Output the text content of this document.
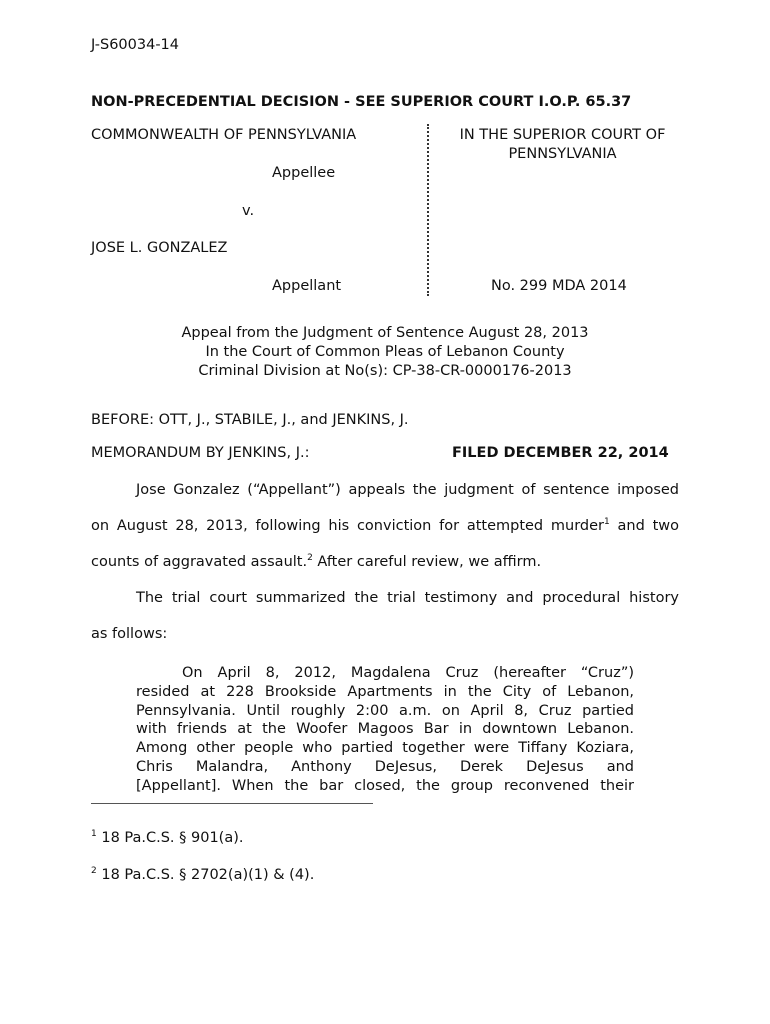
J-S60034-14
NON-PRECEDENTIAL DECISION - SEE SUPERIOR COURT I.O.P. 65.37
COMMONWEALTH OF PENNSYLVANIA
Appellee
v.
JOSE L. GONZALEZ
Appellant
IN THE SUPERIOR COURT OF
PENNSYLVANIA
No. 299 MDA 2014
Appeal from the Judgment of Sentence August 28, 2013
In the Court of Common Pleas of Lebanon County
Criminal Division at No(s): CP-38-CR-0000176-2013
BEFORE: OTT, J., STABILE, J., and JENKINS, J.
MEMORANDUM BY JENKINS, J.:	FILED DECEMBER 22, 2014
Jose Gonzalez (“Appellant”) appeals the judgment of sentence imposed
on August 28, 2013, following his conviction for attempted murder$^1$ and two
counts of aggravated assault.$^2$ After careful review, we affirm.
The trial court summarized the trial testimony and procedural history
as follows:
On April 8, 2012, Magdalena Cruz (hereafter “Cruz”)
resided at 228 Brookside Apartments in the City of Lebanon,
Pennsylvania. Until roughly 2:00 a.m. on April 8, Cruz partied
with friends at the Woofer Magoos Bar in downtown Lebanon.
Among other people who partied together were Tiffany Koziara,
Chris Malandra, Anthony DeJesus, Derek DeJesus and
[Appellant]. When the bar closed, the group reconvened their
$^1$ 18 Pa.C.S. § 901(a).
$^2$ 18 Pa.C.S. § 2702(a)(1) & (4).
